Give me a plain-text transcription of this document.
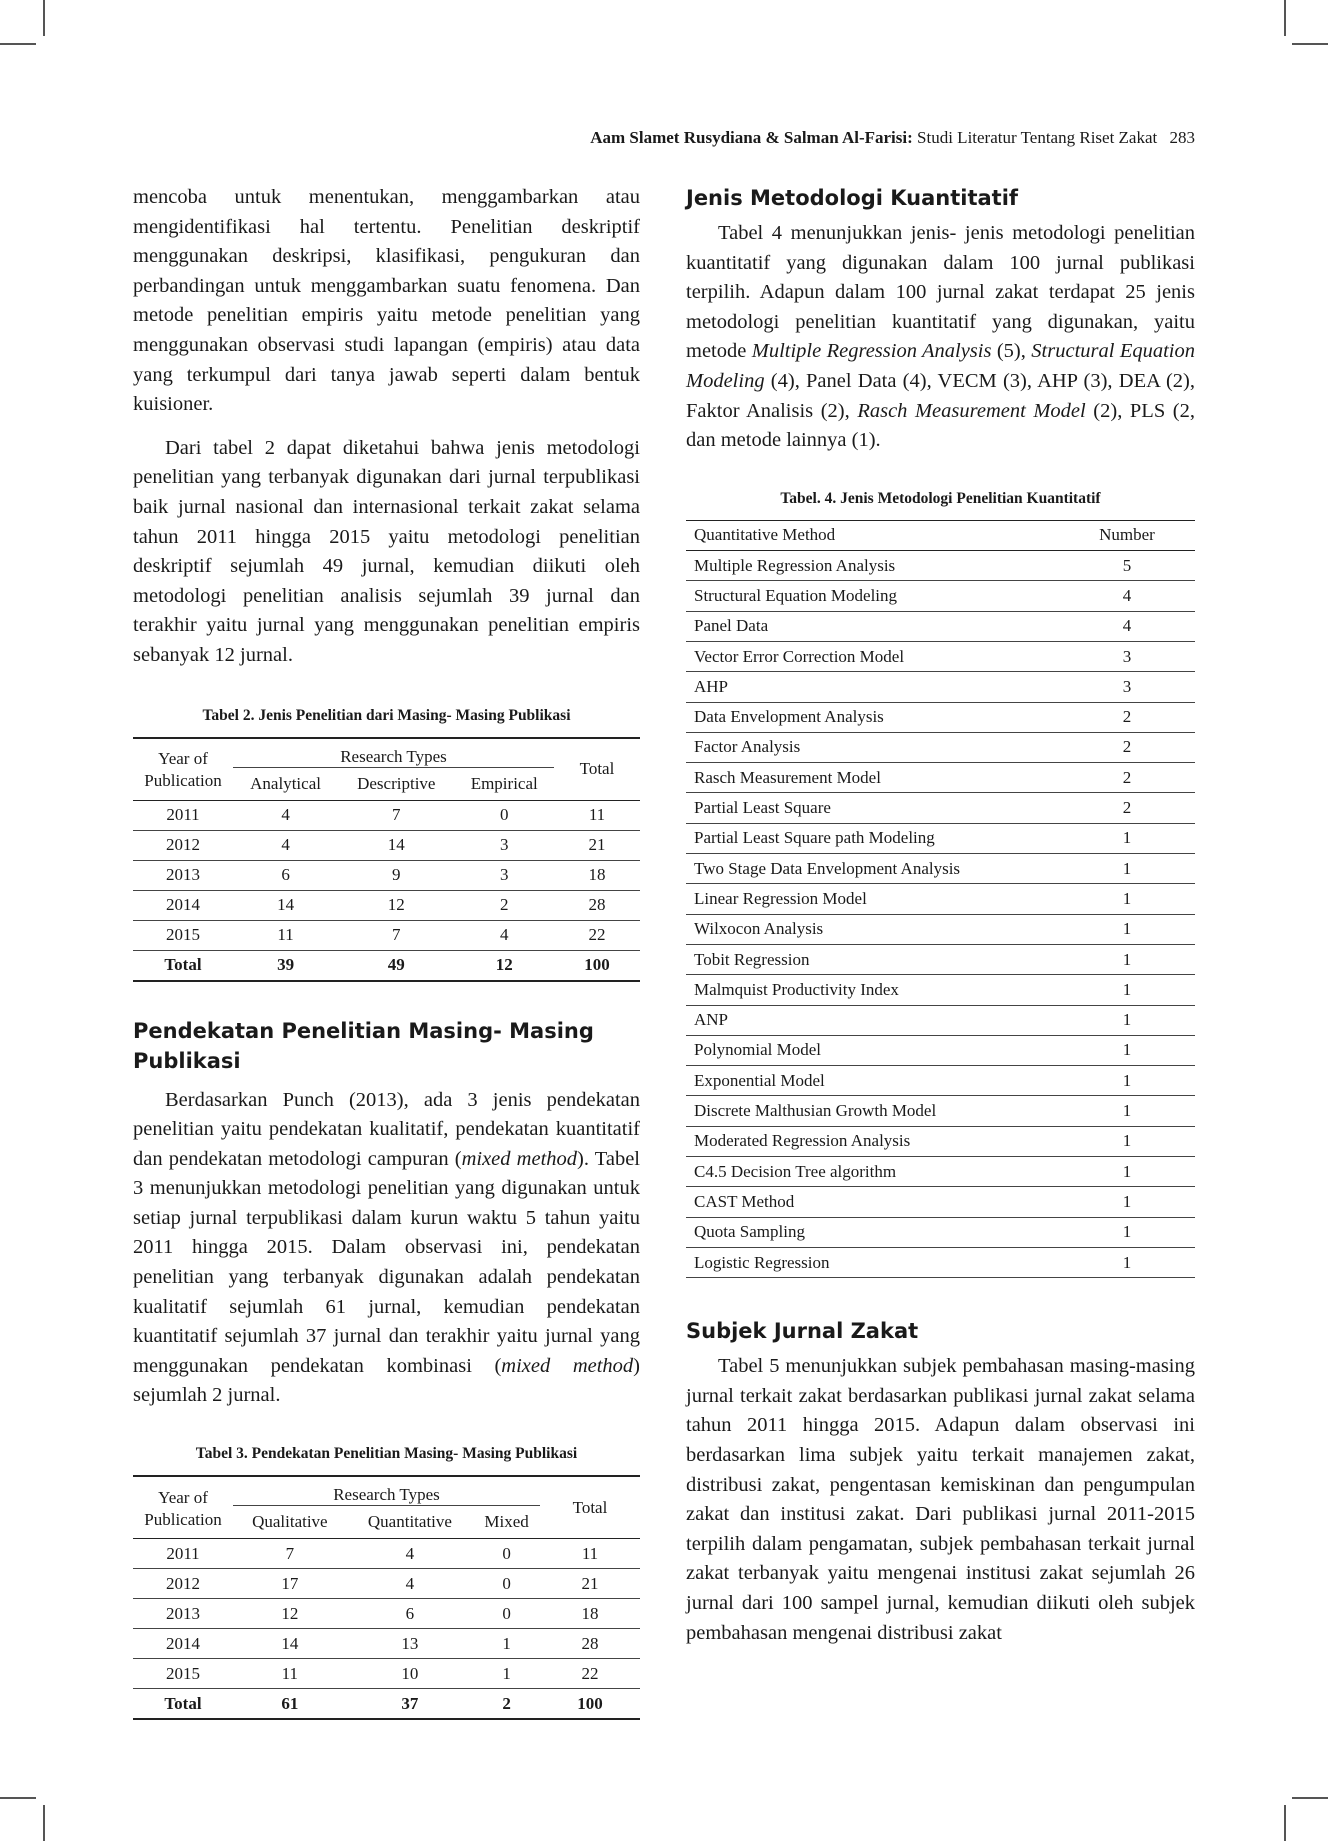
Aam Slamet Rusydiana & Salman Al-Farisi: Studi Literatur Tentang Riset Zakat 283

mencoba untuk menentukan, menggambarkan atau mengidentifikasi hal tertentu. Penelitian deskriptif menggunakan deskripsi, klasifikasi, pengukuran dan perbandingan untuk menggambarkan suatu fenomena. Dan metode penelitian empiris yaitu metode penelitian yang menggunakan observasi studi lapangan (empiris) atau data yang terkumpul dari tanya jawab seperti dalam bentuk kuisioner.

Dari tabel 2 dapat diketahui bahwa jenis metodologi penelitian yang terbanyak digunakan dari jurnal terpublikasi baik jurnal nasional dan internasional terkait zakat selama tahun 2011 hingga 2015 yaitu metodologi penelitian deskriptif sejumlah 49 jurnal, kemudian diikuti oleh metodologi penelitian analisis sejumlah 39 jurnal dan terakhir yaitu jurnal yang menggunakan penelitian empiris sebanyak 12 jurnal.

Tabel 2. Jenis Penelitian dari Masing- Masing Publikasi
Year of Publication	Research Types			Total
	Analytical	Descriptive	Empirical	
2011	4	7	0	11
2012	4	14	3	21
2013	6	9	3	18
2014	14	12	2	28
2015	11	7	4	22
Total	39	49	12	100
Pendekatan Penelitian Masing- Masing Publikasi

Berdasarkan Punch (2013), ada 3 jenis pendekatan penelitian yaitu pendekatan kualitatif, pendekatan kuantitatif dan pendekatan metodologi campuran (mixed method). Tabel 3 menunjukkan metodologi penelitian yang digunakan untuk setiap jurnal terpublikasi dalam kurun waktu 5 tahun yaitu 2011 hingga 2015. Dalam observasi ini, pendekatan penelitian yang terbanyak digunakan adalah pendekatan kualitatif sejumlah 61 jurnal, kemudian pendekatan kuantitatif sejumlah 37 jurnal dan terakhir yaitu jurnal yang menggunakan pendekatan kombinasi (mixed method) sejumlah 2 jurnal.

Tabel 3. Pendekatan Penelitian Masing- Masing Publikasi
Year of Publication	Research Types			Total
	Qualitative	Quantitative	Mixed	
2011	7	4	0	11
2012	17	4	0	21
2013	12	6	0	18
2014	14	13	1	28
2015	11	10	1	22
Total	61	37	2	100
Jenis Metodologi Kuantitatif

Tabel 4 menunjukkan jenis- jenis metodologi penelitian kuantitatif yang digunakan dalam 100 jurnal publikasi terpilih. Adapun dalam 100 jurnal zakat terdapat 25 jenis metodologi penelitian kuantitatif yang digunakan, yaitu metode Multiple Regression Analysis (5), Structural Equation Modeling (4), Panel Data (4), VECM (3), AHP (3), DEA (2), Faktor Analisis (2), Rasch Measurement Model (2), PLS (2, dan metode lainnya (1).

Tabel. 4. Jenis Metodologi Penelitian Kuantitatif
Quantitative Method	Number
Multiple Regression Analysis	5
Structural Equation Modeling	4
Panel Data	4
Vector Error Correction Model	3
AHP	3
Data Envelopment Analysis	2
Factor Analysis	2
Rasch Measurement Model	2
Partial Least Square	2
Partial Least Square path Modeling	1
Two Stage Data Envelopment Analysis	1
Linear Regression Model	1
Wilxocon Analysis	1
Tobit Regression	1
Malmquist Productivity Index	1
ANP	1
Polynomial Model	1
Exponential Model	1
Discrete Malthusian Growth Model	1
Moderated Regression Analysis	1
C4.5 Decision Tree algorithm	1
CAST Method	1
Quota Sampling	1
Logistic Regression	1
Subjek Jurnal Zakat

Tabel 5 menunjukkan subjek pembahasan masing-masing jurnal terkait zakat berdasarkan publikasi jurnal zakat selama tahun 2011 hingga 2015. Adapun dalam observasi ini berdasarkan lima subjek yaitu terkait manajemen zakat, distribusi zakat, pengentasan kemiskinan dan pengumpulan zakat dan institusi zakat. Dari publikasi jurnal 2011-2015 terpilih dalam pengamatan, subjek pembahasan terkait jurnal zakat terbanyak yaitu mengenai institusi zakat sejumlah 26 jurnal dari 100 sampel jurnal, kemudian diikuti oleh subjek pembahasan mengenai distribusi zakat
